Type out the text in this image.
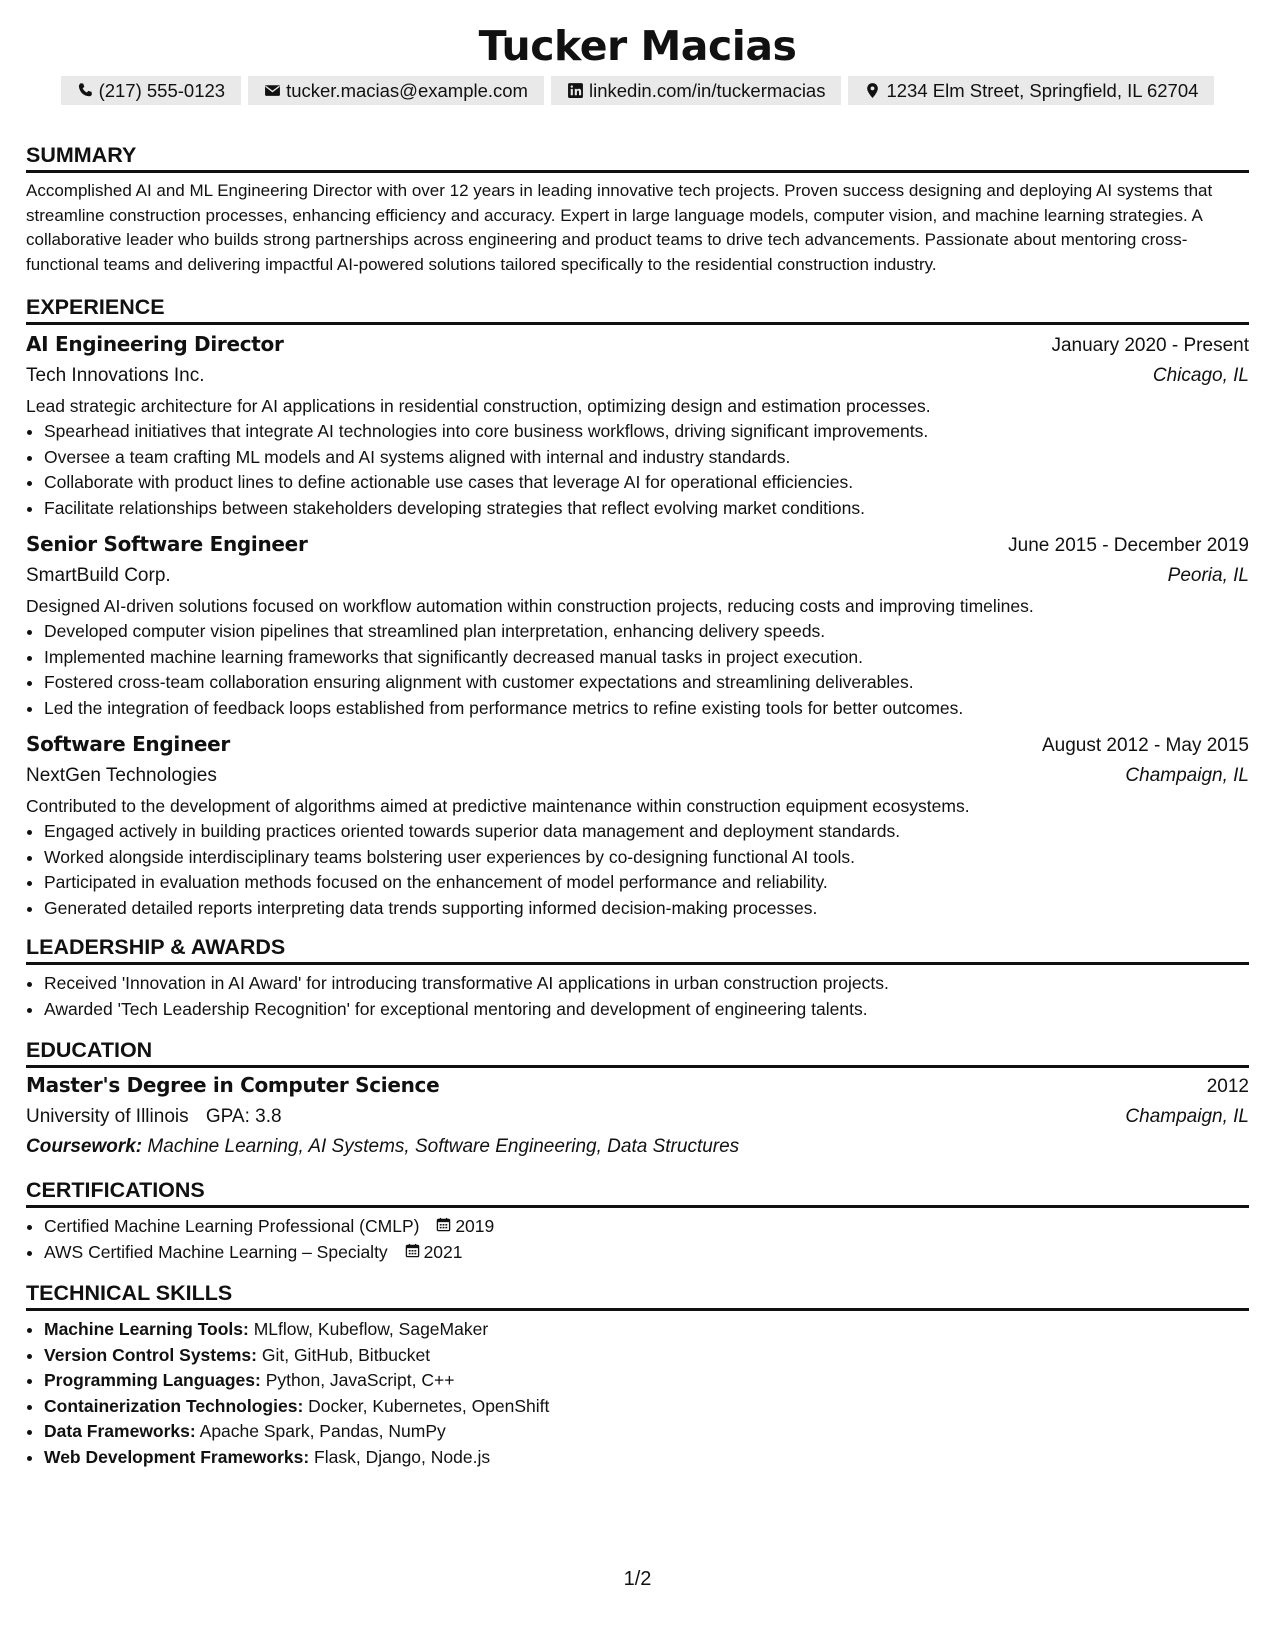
Tucker Macias
(217) 555-0123	tucker.macias@example.com	linkedin.com/in/tuckermacias	1234 Elm Street, Springfield, IL 62704
SUMMARY
Accomplished AI and ML Engineering Director with over 12 years in leading innovative tech projects. Proven success designing and deploying AI systems that streamline construction processes, enhancing efficiency and accuracy. Expert in large language models, computer vision, and machine learning strategies. A collaborative leader who builds strong partnerships across engineering and product teams to drive tech advancements. Passionate about mentoring cross-functional teams and delivering impactful AI-powered solutions tailored specifically to the residential construction industry.
EXPERIENCE
AI Engineering Director	January 2020 - Present
Tech Innovations Inc.	Chicago, IL
Lead strategic architecture for AI applications in residential construction, optimizing design and estimation processes.
• Spearhead initiatives that integrate AI technologies into core business workflows, driving significant improvements.
• Oversee a team crafting ML models and AI systems aligned with internal and industry standards.
• Collaborate with product lines to define actionable use cases that leverage AI for operational efficiencies.
• Facilitate relationships between stakeholders developing strategies that reflect evolving market conditions.
Senior Software Engineer	June 2015 - December 2019
SmartBuild Corp.	Peoria, IL
Designed AI-driven solutions focused on workflow automation within construction projects, reducing costs and improving timelines.
• Developed computer vision pipelines that streamlined plan interpretation, enhancing delivery speeds.
• Implemented machine learning frameworks that significantly decreased manual tasks in project execution.
• Fostered cross-team collaboration ensuring alignment with customer expectations and streamlining deliverables.
• Led the integration of feedback loops established from performance metrics to refine existing tools for better outcomes.
Software Engineer	August 2012 - May 2015
NextGen Technologies	Champaign, IL
Contributed to the development of algorithms aimed at predictive maintenance within construction equipment ecosystems.
• Engaged actively in building practices oriented towards superior data management and deployment standards.
• Worked alongside interdisciplinary teams bolstering user experiences by co-designing functional AI tools.
• Participated in evaluation methods focused on the enhancement of model performance and reliability.
• Generated detailed reports interpreting data trends supporting informed decision-making processes.
LEADERSHIP & AWARDS
• Received 'Innovation in AI Award' for introducing transformative AI applications in urban construction projects.
• Awarded 'Tech Leadership Recognition' for exceptional mentoring and development of engineering talents.
EDUCATION
Master's Degree in Computer Science	2012
University of Illinois GPA: 3.8	Champaign, IL
Coursework: Machine Learning, AI Systems, Software Engineering, Data Structures
CERTIFICATIONS
• Certified Machine Learning Professional (CMLP) 2019
• AWS Certified Machine Learning – Specialty 2021
TECHNICAL SKILLS
• Machine Learning Tools: MLflow, Kubeflow, SageMaker
• Version Control Systems: Git, GitHub, Bitbucket
• Programming Languages: Python, JavaScript, C++
• Containerization Technologies: Docker, Kubernetes, OpenShift
• Data Frameworks: Apache Spark, Pandas, NumPy
• Web Development Frameworks: Flask, Django, Node.js
1/2
